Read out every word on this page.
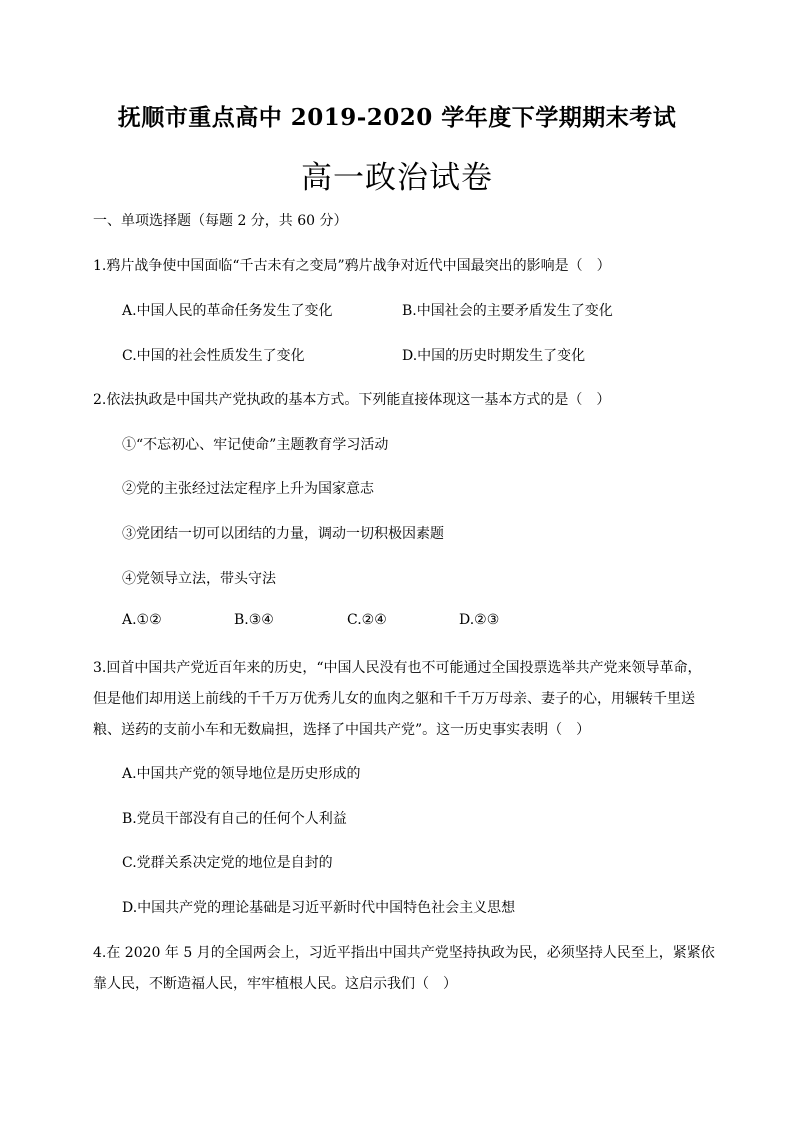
抚顺市重点高中 2019-2020 学年度下学期期末考试
高一政治试卷
一、单项选择题（每题 2 分，共 60 分）
1.鸦片战争使中国面临“千古未有之变局”鸦片战争对近代中国最突出的影响是（　）
A.中国人民的革命任务发生了变化	B.中国社会的主要矛盾发生了变化
C.中国的社会性质发生了变化	D.中国的历史时期发生了变化
2.依法执政是中国共产党执政的基本方式。下列能直接体现这一基本方式的是（　）
①“不忘初心、牢记使命”主题教育学习活动
②党的主张经过法定程序上升为国家意志
③党团结一切可以团结的力量，调动一切积极因素题
④党领导立法，带头守法
A.①②	B.③④	C.②④	D.②③
3.回首中国共产党近百年来的历史，“中国人民没有也不可能通过全国投票选举共产党来领导革命，
但是他们却用送上前线的千千万万优秀儿女的血肉之躯和千千万万母亲、妻子的心，用辗转千里送
粮、送药的支前小车和无数扁担，选择了中国共产党”。这一历史事实表明（　）
A.中国共产党的领导地位是历史形成的
B.党员干部没有自己的任何个人利益
C.党群关系决定党的地位是自封的
D.中国共产党的理论基础是习近平新时代中国特色社会主义思想
4.在 2020 年 5 月的全国两会上，习近平指出中国共产党坚持执政为民，必须坚持人民至上，紧紧依
靠人民，不断造福人民，牢牢植根人民。这启示我们（　）
